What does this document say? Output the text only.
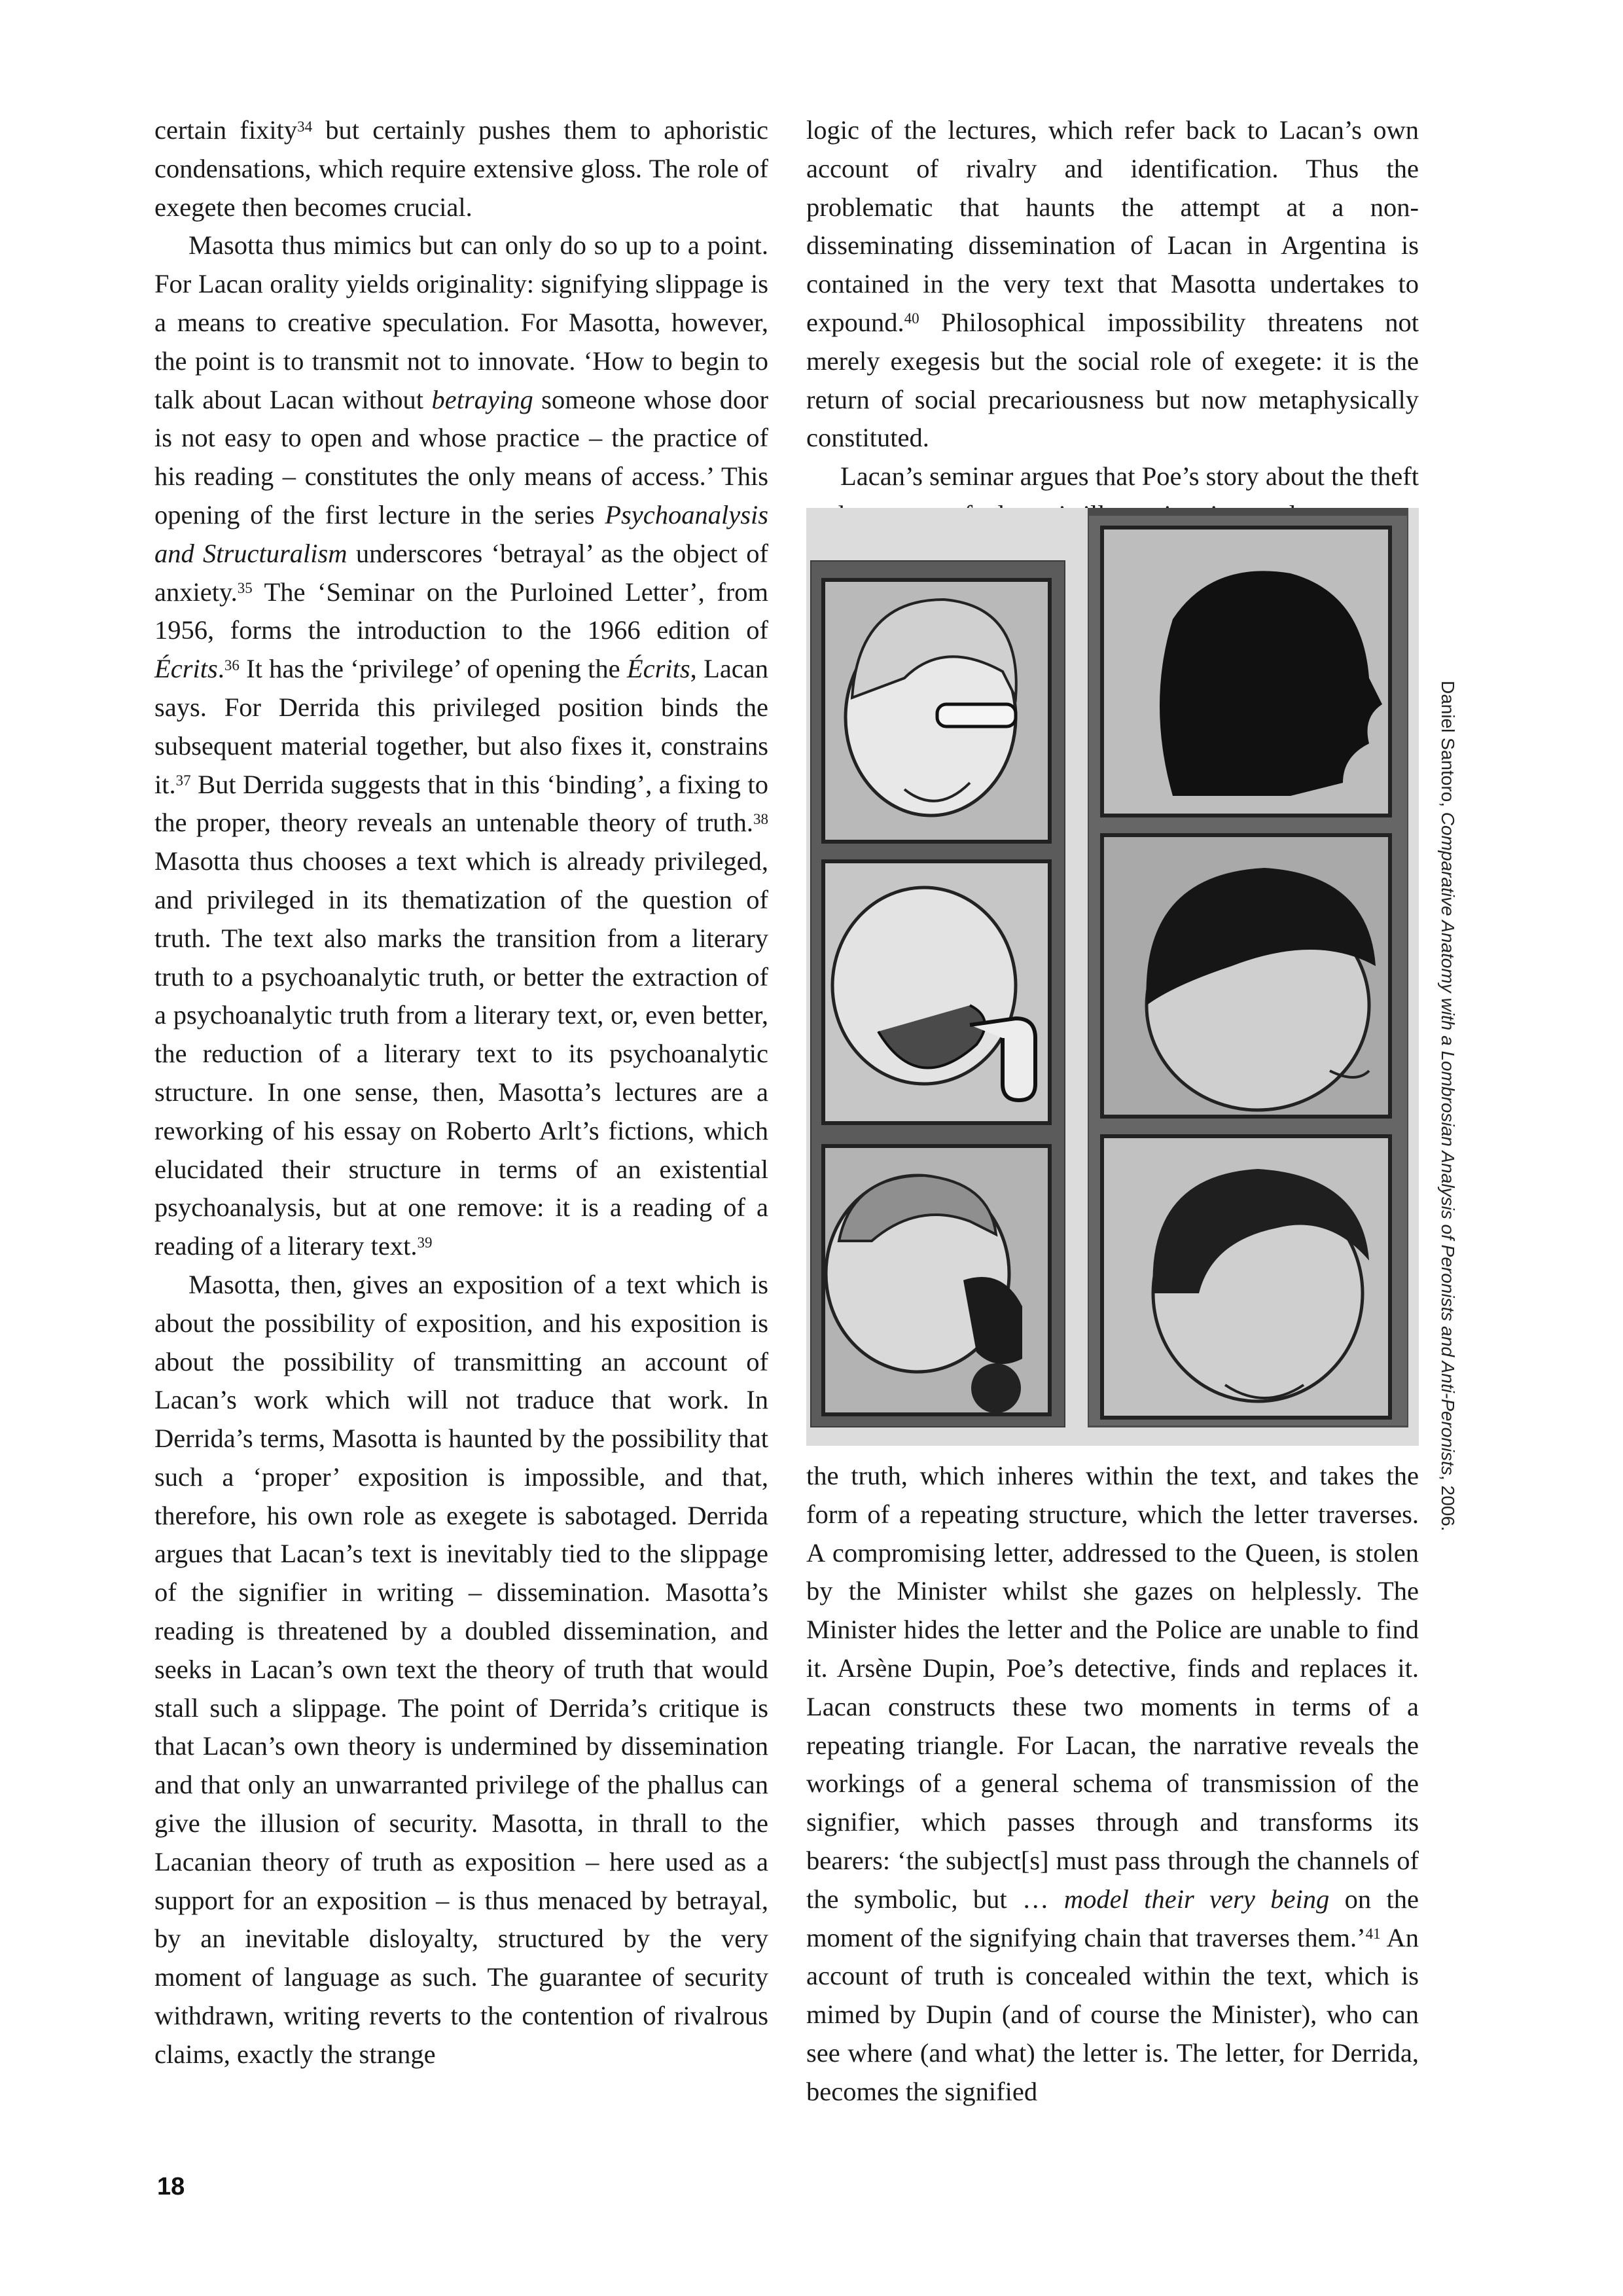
certain fixity$^{34}$ but certainly pushes them to aphoristic condensations, which require extensive gloss. The role of exegete then becomes crucial.

Masotta thus mimics but can only do so up to a point. For Lacan orality yields originality: signifying slippage is a means to creative speculation. For Masotta, however, the point is to transmit not to innovate. ‘How to begin to talk about Lacan without betraying someone whose door is not easy to open and whose practice – the practice of his reading – constitutes the only means of access.’ This opening of the first lecture in the series Psychoanalysis and Structuralism underscores ‘betrayal’ as the object of anxiety.$^{35}$ The ‘Seminar on the Purloined Letter’, from 1956, forms the introduction to the 1966 edition of Écrits.$^{36}$ It has the ‘privilege’ of opening the Écrits, Lacan says. For Derrida this privileged position binds the subsequent material together, but also fixes it, constrains it.$^{37}$ But Derrida suggests that in this ‘binding’, a fixing to the proper, theory reveals an untenable theory of truth.$^{38}$ Masotta thus chooses a text which is already privileged, and privileged in its thematization of the question of truth. The text also marks the transition from a literary truth to a psychoanalytic truth, or better the extraction of a psychoanalytic truth from a literary text, or, even better, the reduction of a literary text to its psychoanalytic structure. In one sense, then, Masotta’s lectures are a reworking of his essay on Roberto Arlt’s fictions, which elucidated their structure in terms of an existential psychoanalysis, but at one remove: it is a reading of a reading of a literary text.$^{39}$

Masotta, then, gives an exposition of a text which is about the possibility of exposition, and his exposition is about the possibility of transmitting an account of Lacan’s work which will not traduce that work. In Derrida’s terms, Masotta is haunted by the possibility that such a ‘proper’ exposition is impossible, and that, therefore, his own role as exegete is sabotaged. Derrida argues that Lacan’s text is inevitably tied to the slippage of the signifier in writing – dissemination. Masotta’s reading is threatened by a doubled dissemination, and seeks in Lacan’s own text the theory of truth that would stall such a slippage. The point of Derrida’s critique is that Lacan’s own theory is undermined by dissemination and that only an unwarranted privilege of the phallus can give the illusion of security. Masotta, in thrall to the Lacanian theory of truth as exposition – here used as a support for an exposition – is thus menaced by betrayal, by an inevitable disloyalty, structured by the very moment of language as such. The guarantee of security withdrawn, writing reverts to the contention of rivalrous claims, exactly the strange

logic of the lectures, which refer back to Lacan’s own account of rivalry and identification. Thus the problematic that haunts the attempt at a non-disseminating dissemination of Lacan in Argentina is contained in the very text that Masotta undertakes to expound.$^{40}$ Philosophical impossibility threatens not merely exegesis but the social role of exegete: it is the return of social precariousness but now metaphysically constituted.

Lacan’s seminar argues that Poe’s story about the theft

Daniel Santoro, Comparative Anatomy with a Lombrosian Analysis of Peronists and Anti-Peronists, 2006.

the truth, which inheres within the text, and takes the form of a repeating structure, which the letter traverses. A compromising letter, addressed to the Queen, is stolen by the Minister whilst she gazes on helplessly. The Minister hides the letter and the Police are unable to find it. Arsène Dupin, Poe’s detective, finds and replaces it. Lacan constructs these two moments in terms of a repeating triangle. For Lacan, the narrative reveals the workings of a general schema of transmission of the signifier, which passes through and transforms its bearers: ‘the subject[s] must pass through the channels of the symbolic, but … model their very being on the moment of the signifying chain that traverses them.’$^{41}$ An account of truth is concealed within the text, which is mimed by Dupin (and of course the Minister), who can see where (and what) the letter is. The letter, for Derrida, becomes the signified

18
